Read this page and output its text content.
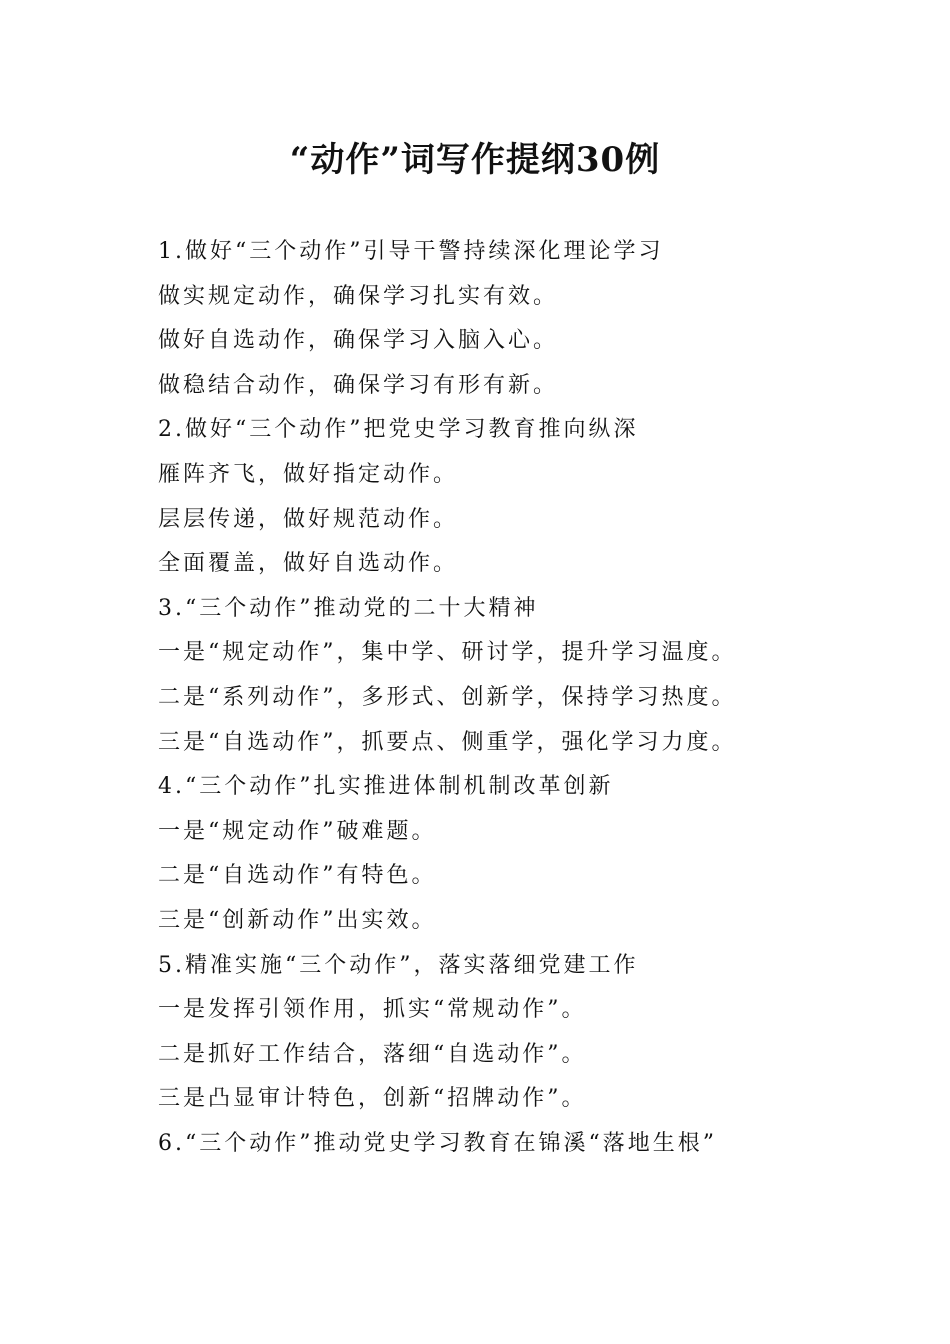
“动作”词写作提纲30例
1.做好“三个动作”引导干警持续深化理论学习
做实规定动作，确保学习扎实有效。
做好自选动作，确保学习入脑入心。
做稳结合动作，确保学习有形有新。
2.做好“三个动作”把党史学习教育推向纵深
雁阵齐飞，做好指定动作。
层层传递，做好规范动作。
全面覆盖，做好自选动作。
3.“三个动作”推动党的二十大精神
一是“规定动作”，集中学、研讨学，提升学习温度。
二是“系列动作”，多形式、创新学，保持学习热度。
三是“自选动作”，抓要点、侧重学，强化学习力度。
4.“三个动作”扎实推进体制机制改革创新
一是“规定动作”破难题。
二是“自选动作”有特色。
三是“创新动作”出实效。
5.精准实施“三个动作”，落实落细党建工作
一是发挥引领作用，抓实“常规动作”。
二是抓好工作结合，落细“自选动作”。
三是凸显审计特色，创新“招牌动作”。
6.“三个动作”推动党史学习教育在锦溪“落地生根”
